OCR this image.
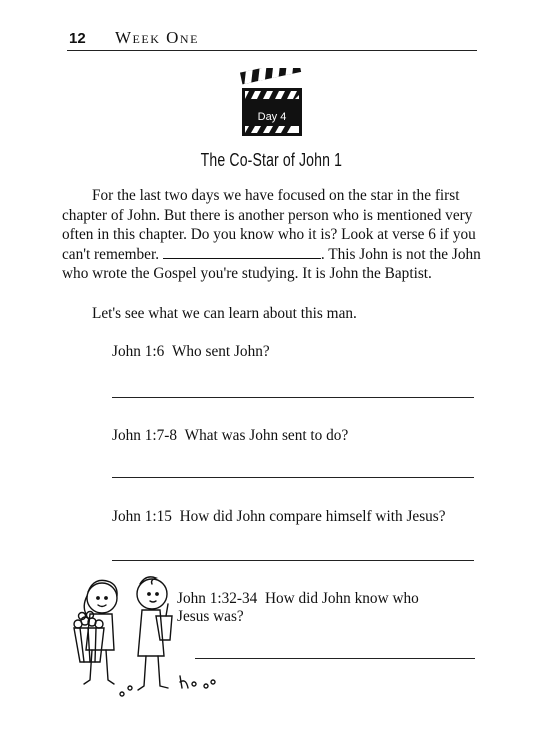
12 Week One
Day 4
The Co-Star of John 1

For the last two days we have focused on the star in the first chapter of John. But there is another person who is mentioned very often in this chapter. Do you know who it is? Look at verse 6 if you can't remember.	. This John is not the John who wrote the Gospel you're studying. It is John the Baptist.

Let's see what we can learn about this man.
John 1:6 Who sent John?
John 1:7-8 What was John sent to do?
John 1:15 How did John compare himself with Jesus?
John 1:32-34 How did John know who
Jesus was?
